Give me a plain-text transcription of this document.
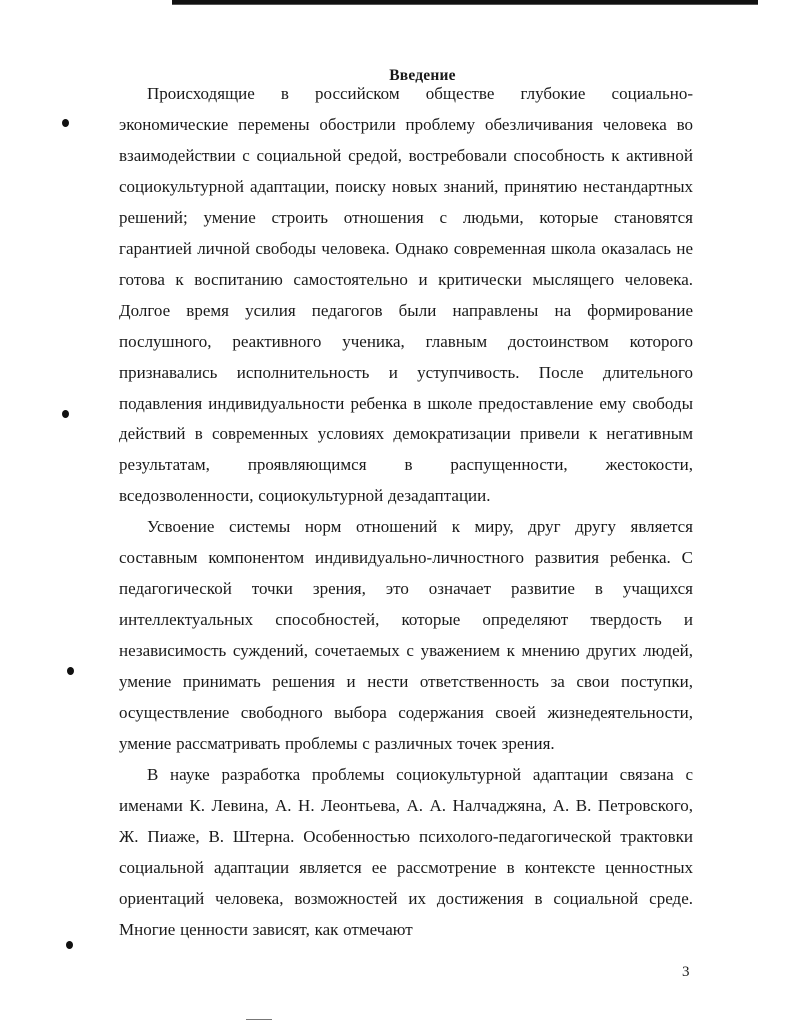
Введение

Происходящие в российском обществе глубокие социально-экономические перемены обострили проблему обезличивания человека во взаимодействии с социальной средой, востребовали способность к активной социокультурной адаптации, поиску новых знаний, принятию нестандартных решений; умение строить отношения с людьми, которые становятся гарантией личной свободы человека. Однако современная школа оказалась не готова к воспитанию самостоятельно и критически мыслящего человека. Долгое время усилия педагогов были направлены на формирование послушного, реактивного ученика, главным достоинством которого признавались исполнительность и уступчивость. После длительного подавления индивидуальности ребенка в школе предоставление ему свободы действий в современных условиях демократизации привели к негативным результатам, проявляющимся в распущенности, жестокости, вседозволенности, социокультурной дезадаптации.

Усвоение системы норм отношений к миру, друг другу является составным компонентом индивидуально-личностного развития ребенка. С педагогической точки зрения, это означает развитие в учащихся интеллектуальных способностей, которые определяют твердость и независимость суждений, сочетаемых с уважением к мнению других людей, умение принимать решения и нести ответственность за свои поступки, осуществление свободного выбора содержания своей жизнедеятельности, умение рассматривать проблемы с различных точек зрения.

В науке разработка проблемы социокультурной адаптации связана с именами К. Левина, А. Н. Леонтьева, А. А. Налчаджяна, А. В. Петровского, Ж. Пиаже, В. Штерна. Особенностью психолого-педагогической трактовки социальной адаптации является ее рассмотрение в контексте ценностных ориентаций человека, возможностей их достижения в социальной среде. Многие ценности зависят, как отмечают

3
